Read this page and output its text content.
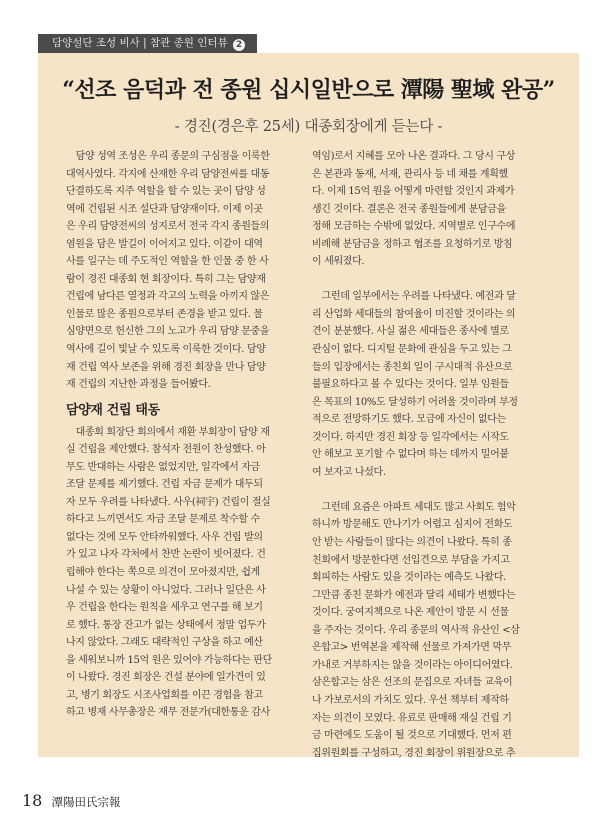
담양설단 조성 비사 | 참관 종원 인터뷰 2
“선조 음덕과 전 종원 십시일반으로 潭陽 聖域 완공”
- 경진(경은후 25세) 대종회장에게 듣는다 -

　담양 성역 조성은 우리 종문의 구심점을 이룩한

대역사였다. 각지에 산재한 우리 담양전씨를 대동

단결하도록 지주 역할을 할 수 있는 곳이 담양 성

역에 건립된 시조 설단과 담양재이다. 이제 이곳

은 우리 담양전씨의 성지로서 전국 각지 종원들의

염원을 담은 발길이 이어지고 있다. 이같이 대역

사를 일구는 데 주도적인 역할을 한 인물 중 한 사

람이 경진 대종회 현 회장이다. 특히 그는 담양재

건립에 남다른 열정과 각고의 노력을 아끼지 않은

인물로 많은 종원으로부터 존경을 받고 있다. 물

심양면으로 헌신한 그의 노고가 우리 담양 문중을

역사에 길이 빛날 수 있도록 이룩한 것이다. 담양

재 건립 역사 보존을 위해 경진 회장을 만나 담양

재 건립의 지난한 과정을 들어봤다.

담양재 건립 태동

　대종회 회장단 회의에서 재환 부회장이 담양 재

실 건립을 제안했다. 참석자 전원이 찬성했다. 아

무도 반대하는 사람은 없었지만, 일각에서 자금

조달 문제를 제기했다. 건립 자금 문제가 대두되

자 모두 우려를 나타냈다. 사우(祠宇) 건립이 절실

하다고 느끼면서도 자금 조달 문제로 착수할 수

없다는 것에 모두 안타까워했다. 사우 건립 발의

가 있고 나자 각처에서 찬반 논란이 빗어졌다. 건

립해야 한다는 쪽으로 의견이 모아졌지만, 쉽게

나설 수 있는 상황이 아니었다. 그러나 일단은 사

우 건립을 한다는 원칙을 세우고 연구를 해 보기

로 했다. 통장 잔고가 없는 상태에서 정말 업두가

나지 않았다. 그래도 대략적인 구상을 하고 예산

을 세워보니까 15억 원은 있어야 가능하다는 판단

이 나왔다. 경진 회장은 건설 분야에 일가견이 있

고, 병기 회장도 시조사업회를 이끈 경험을 참고

하고 병재 사무총장은 재무 전문가(대한통운 감사

역임)로서 지혜를 모아 나온 결과다. 그 당시 구상

은 본관과 동재, 서재, 관리사 등 네 채를 계획했

다. 이제 15억 원을 어떻게 마련할 것인지 과제가

생긴 것이다. 결론은 전국 종원들에게 분담금을

정해 모금하는 수밖에 없었다. 지역별로 인구수에

비례해 분담금을 정하고 협조를 요청하기로 방침

이 세워졌다.

　그런데 일부에서는 우려를 나타냈다. 예전과 달

리 산업화 세대들의 참여율이 미진할 것이라는 의

견이 분분했다. 사실 젊은 세대들은 종사에 별로

관심이 없다. 디지털 문화에 관심을 두고 있는 그

들의 입장에서는 종친회 일이 구시대적 유산으로

불필요하다고 볼 수 있다는 것이다. 일부 임원들

은 목표의 10%도 달성하기 어려울 것이라며 부정

적으로 전망하기도 했다. 모금에 자신이 없다는

것이다. 하지만 경진 회장 등 일각에서는 시작도

안 해보고 포기할 수 없다며 하는 데까지 밀어붙

여 보자고 나섰다.

　그런데 요즘은 아파트 세대도 많고 사회도 험악

하니까 방문해도 만나기가 어렵고 심지어 전화도

안 받는 사람들이 많다는 의견이 나왔다. 특히 종

친회에서 방문한다면 선입견으로 부담을 가지고

회피하는 사람도 있을 것이라는 예측도 나왔다.

그만큼 종친 문화가 예전과 달리 세태가 변했다는

것이다. 궁여지책으로 나온 제안이 방문 시 선물

을 주자는 것이다. 우리 종문의 역사적 유산인 <삼

은합고> 번역본을 제작해 선물로 가져가면 막무

가내로 거부하지는 않을 것이라는 아이디어였다.

삼은합고는 삼은 선조의 문집으로 자녀들 교육이

나 가보로서의 가치도 있다. 우선 책부터 제작하

자는 의견이 모였다. 유료로 판매해 재실 건립 기

금 마련에도 도움이 될 것으로 기대했다. 먼저 편

집위원회를 구성하고, 경진 회장이 위원장으로 추

18 潭陽田氏宗報
